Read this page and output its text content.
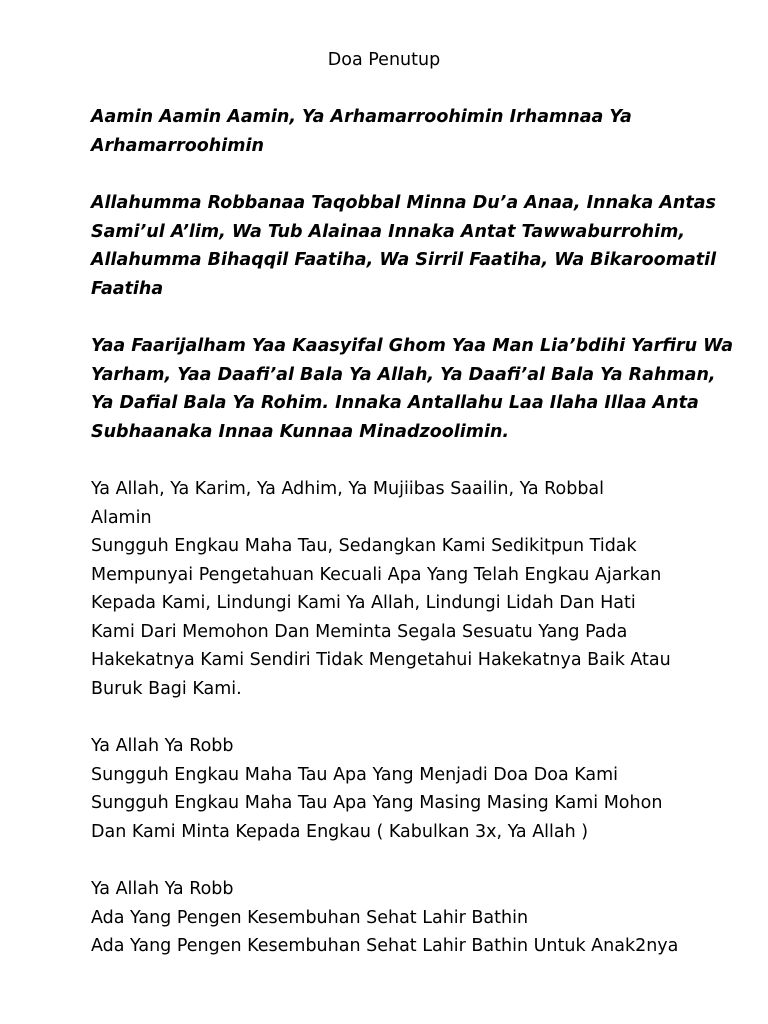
Doa Penutup
Aamin Aamin Aamin, Ya Arhamarroohimin Irhamnaa Ya
Arhamarroohimin
Allahumma Robbanaa Taqobbal Minna Du’a Anaa, Innaka Antas
Sami’ul A’lim, Wa Tub Alainaa Innaka Antat Tawwaburrohim,
Allahumma Bihaqqil Faatiha, Wa Sirril Faatiha, Wa Bikaroomatil
Faatiha
Yaa Faarijalham Yaa Kaasyifal Ghom Yaa Man Lia’bdihi Yarfiru Wa
Yarham, Yaa Daafi’al Bala Ya Allah, Ya Daafi’al Bala Ya Rahman,
Ya Dafial Bala Ya Rohim. Innaka Antallahu Laa Ilaha Illaa Anta
Subhaanaka Innaa Kunnaa Minadzoolimin.
Ya Allah, Ya Karim, Ya Adhim, Ya Mujiibas Saailin, Ya Robbal
Alamin
Sungguh Engkau Maha Tau, Sedangkan Kami Sedikitpun Tidak
Mempunyai Pengetahuan Kecuali Apa Yang Telah Engkau Ajarkan
Kepada Kami, Lindungi Kami Ya Allah, Lindungi Lidah Dan Hati
Kami Dari Memohon Dan Meminta Segala Sesuatu Yang Pada
Hakekatnya Kami Sendiri Tidak Mengetahui Hakekatnya Baik Atau
Buruk Bagi Kami.
Ya Allah Ya Robb
Sungguh Engkau Maha Tau Apa Yang Menjadi Doa Doa Kami
Sungguh Engkau Maha Tau Apa Yang Masing Masing Kami Mohon
Dan Kami Minta Kepada Engkau ( Kabulkan 3x, Ya Allah )
Ya Allah Ya Robb
Ada Yang Pengen Kesembuhan Sehat Lahir Bathin
Ada Yang Pengen Kesembuhan Sehat Lahir Bathin Untuk Anak2nya
